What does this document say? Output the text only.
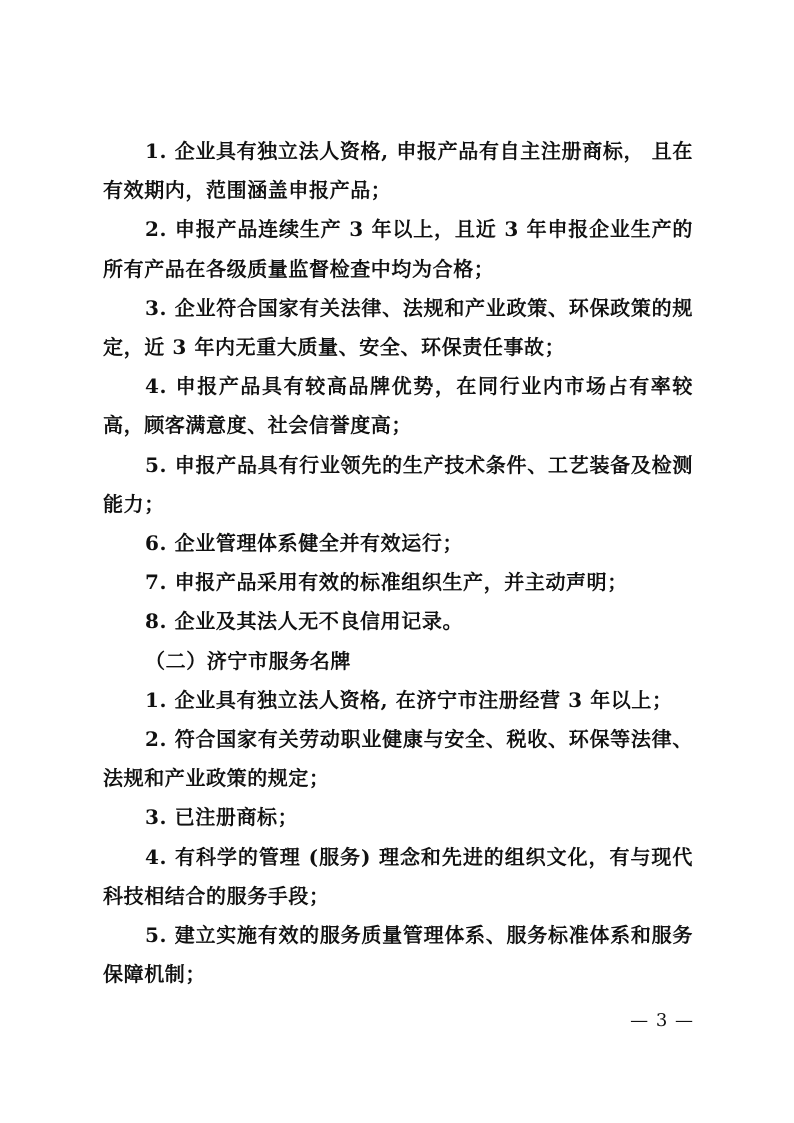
1. 企业具有独立法人资格, 申报产品有自主注册商标， 且在有效期内，范围涵盖申报产品；

2. 申报产品连续生产 3 年以上，且近 3 年申报企业生产的所有产品在各级质量监督检查中均为合格；

3. 企业符合国家有关法律、法规和产业政策、环保政策的规定，近 3 年内无重大质量、安全、环保责任事故；

4. 申报产品具有较高品牌优势，在同行业内市场占有率较高，顾客满意度、社会信誉度高；

5. 申报产品具有行业领先的生产技术条件、工艺装备及检测能力；

6. 企业管理体系健全并有效运行；

7. 申报产品采用有效的标准组织生产，并主动声明；

8. 企业及其法人无不良信用记录。

（二）济宁市服务名牌

1. 企业具有独立法人资格, 在济宁市注册经营 3 年以上；

2. 符合国家有关劳动职业健康与安全、税收、环保等法律、法规和产业政策的规定；

3. 已注册商标；

4. 有科学的管理 (服务) 理念和先进的组织文化，有与现代科技相结合的服务手段；

5. 建立实施有效的服务质量管理体系、服务标准体系和服务保障机制；

— 3 —
